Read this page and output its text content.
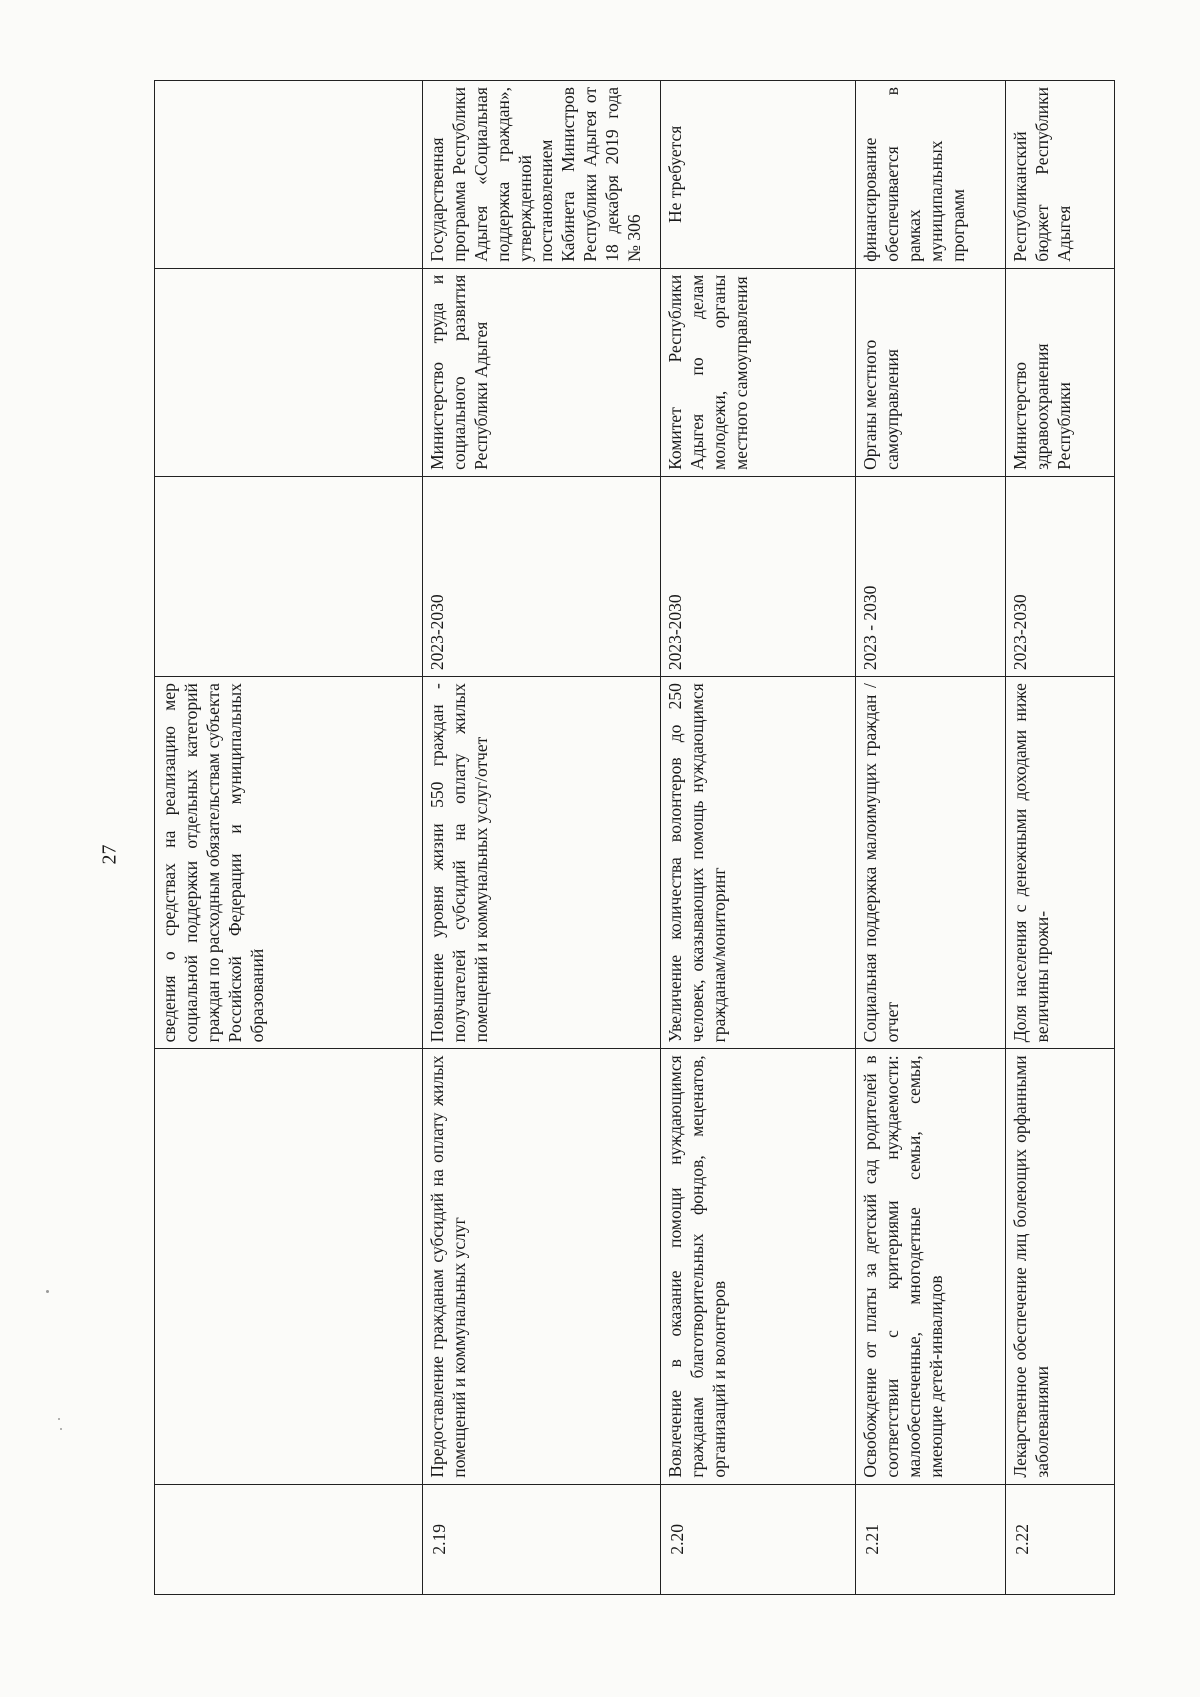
27

		сведения о средствах на реализацию мер социальной поддержки отдельных категорий граждан по расходным обязательствам субъекта Российской Федерации и муниципальных образований			

2.19	Предоставление гражданам субсидий на оплату жилых помещений и коммунальных услуг	Повышение уровня жизни 550 граждан - получателей субсидий на оплату жилых помещений и коммунальных услуг/отчет	2023-2030	Министерство труда и социального развития Республики Адыгея	Государственная программа Республики Адыгея «Социальная поддержка граждан», утвержденной постановлением Кабинета Министров Республики Адыгея от 18 декабря 2019 года № 306

2.20	Вовлечение в оказание помощи нуждающимся гражданам благотворительных фондов, меценатов, организаций и волонтеров	Увеличение количества волонтеров до 250 человек, оказывающих помощь нуждающимся гражданам/мониторинг	2023-2030	Комитет Республики Адыгея по делам молодежи, органы местного самоуправления	Не требуется

2.21	Освобождение от платы за детский сад родителей в соответствии с критериями нуждаемости: малообеспеченные, многодетные семьи, семьи, имеющие детей-инвалидов	Социальная поддержка малоимущих граждан /отчет	2023 - 2030	Органы местного самоуправления	финансирование обеспечивается в рамках муниципальных программ

2.22	Лекарственное обеспечение лиц болеющих орфанными заболеваниями	Доля населения с денежными доходами ниже величины прожи-	2023-2030	Министерство здравоохранения Республики	Республиканский бюджет Республики Адыгея
